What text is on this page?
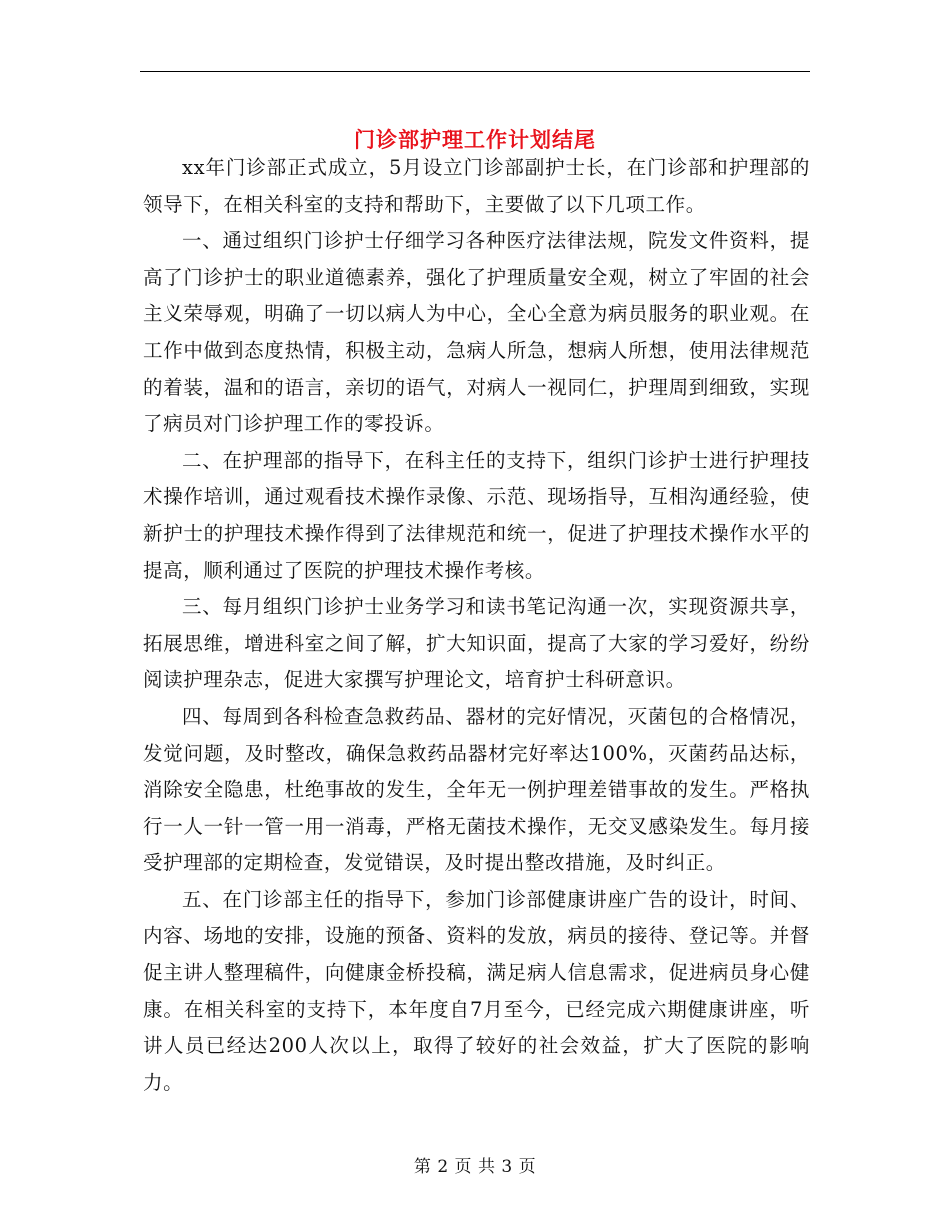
门诊部护理工作计划结尾

xx年门诊部正式成立，5月设立门诊部副护士长，在门诊部和护理部的领导下，在相关科室的支持和帮助下，主要做了以下几项工作。

一、通过组织门诊护士仔细学习各种医疗法律法规，院发文件资料，提高了门诊护士的职业道德素养，强化了护理质量安全观，树立了牢固的社会主义荣辱观，明确了一切以病人为中心，全心全意为病员服务的职业观。在工作中做到态度热情，积极主动，急病人所急，想病人所想，使用法律规范的着装，温和的语言，亲切的语气，对病人一视同仁，护理周到细致，实现了病员对门诊护理工作的零投诉。

二、在护理部的指导下，在科主任的支持下，组织门诊护士进行护理技术操作培训，通过观看技术操作录像、示范、现场指导，互相沟通经验，使新护士的护理技术操作得到了法律规范和统一，促进了护理技术操作水平的提高，顺利通过了医院的护理技术操作考核。

三、每月组织门诊护士业务学习和读书笔记沟通一次，实现资源共享，拓展思维，增进科室之间了解，扩大知识面，提高了大家的学习爱好，纷纷阅读护理杂志，促进大家撰写护理论文，培育护士科研意识。

四、每周到各科检查急救药品、器材的完好情况，灭菌包的合格情况，发觉问题，及时整改，确保急救药品器材完好率达100%，灭菌药品达标，消除安全隐患，杜绝事故的发生，全年无一例护理差错事故的发生。严格执行一人一针一管一用一消毒，严格无菌技术操作，无交叉感染发生。每月接受护理部的定期检查，发觉错误，及时提出整改措施，及时纠正。

五、在门诊部主任的指导下，参加门诊部健康讲座广告的设计，时间、内容、场地的安排，设施的预备、资料的发放，病员的接待、登记等。并督促主讲人整理稿件，向健康金桥投稿，满足病人信息需求，促进病员身心健康。在相关科室的支持下，本年度自7月至今，已经完成六期健康讲座，听讲人员已经达200人次以上，取得了较好的社会效益，扩大了医院的影响力。

第 2 页 共 3 页
